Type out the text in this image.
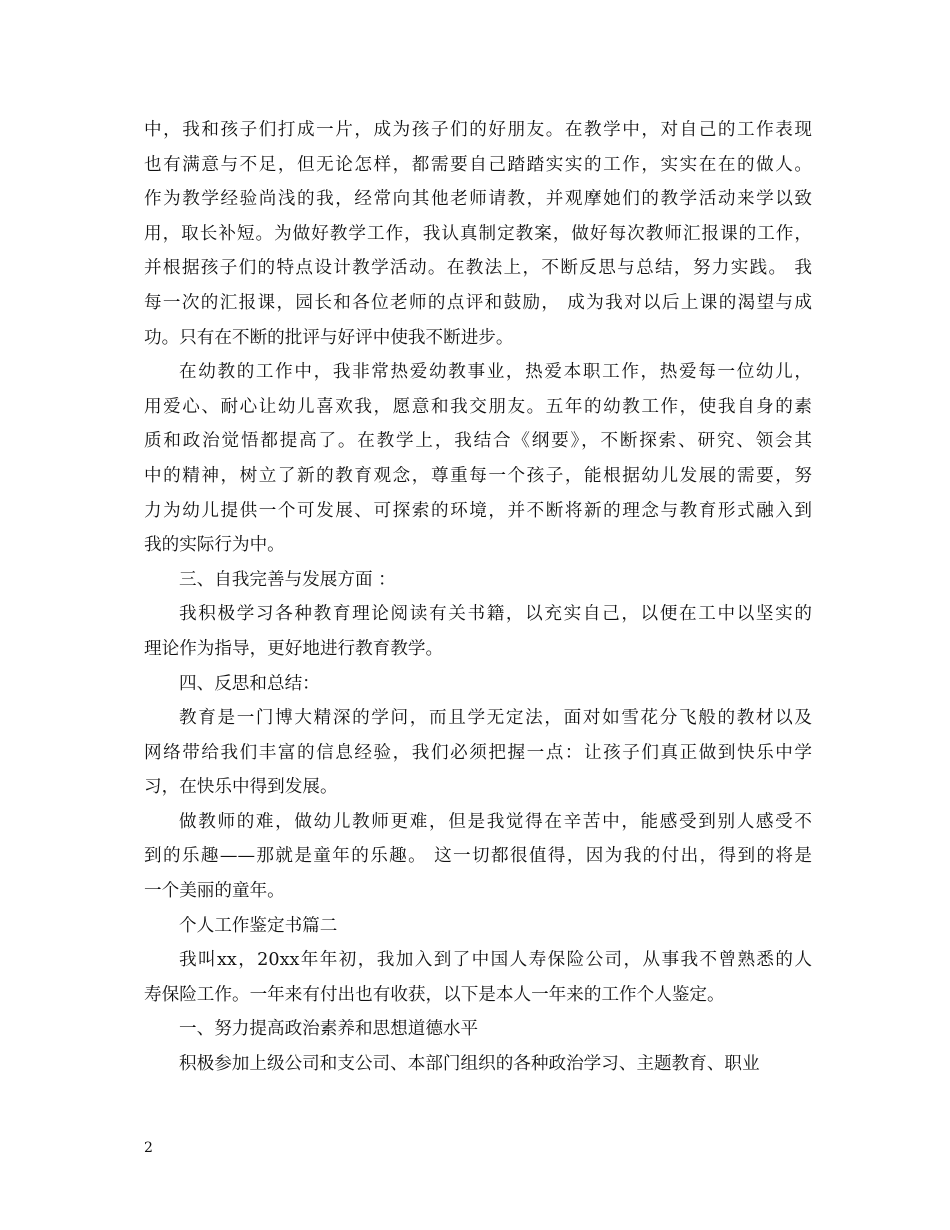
中，我和孩子们打成一片，成为孩子们的好朋友。在教学中，对自己的工作表现
也有满意与不足，但无论怎样，都需要自己踏踏实实的工作，实实在在的做人。
作为教学经验尚浅的我，经常向其他老师请教，并观摩她们的教学活动来学以致
用，取长补短。为做好教学工作，我认真制定教案，做好每次教师汇报课的工作，
并根据孩子们的特点设计教学活动。在教法上，不断反思与总结，努力实践。 我
每一次的汇报课，园长和各位老师的点评和鼓励， 成为我对以后上课的渴望与成
功。只有在不断的批评与好评中使我不断进步。
在幼教的工作中，我非常热爱幼教事业，热爱本职工作，热爱每一位幼儿，
用爱心、耐心让幼儿喜欢我，愿意和我交朋友。五年的幼教工作，使我自身的素
质和政治觉悟都提高了。在教学上，我结合《纲要》，不断探索、研究、领会其
中的精神，树立了新的教育观念，尊重每一个孩子，能根据幼儿发展的需要，努
力为幼儿提供一个可发展、可探索的环境，并不断将新的理念与教育形式融入到
我的实际行为中。
三、自我完善与发展方面 ：
我积极学习各种教育理论阅读有关书籍，以充实自己，以便在工中以坚实的
理论作为指导，更好地进行教育教学。
四、反思和总结：
教育是一门博大精深的学问，而且学无定法，面对如雪花分飞般的教材以及
网络带给我们丰富的信息经验，我们必须把握一点：让孩子们真正做到快乐中学
习，在快乐中得到发展。
做教师的难，做幼儿教师更难，但是我觉得在辛苦中，能感受到别人感受不
到的乐趣——那就是童年的乐趣。 这一切都很值得，因为我的付出，得到的将是
一个美丽的童年。
个人工作鉴定书篇二
我叫xx，20xx年年初，我加入到了中国人寿保险公司，从事我不曾熟悉的人
寿保险工作。一年来有付出也有收获，以下是本人一年来的工作个人鉴定。
一、努力提高政治素养和思想道德水平
积极参加上级公司和支公司、本部门组织的各种政治学习、主题教育、职业
2
